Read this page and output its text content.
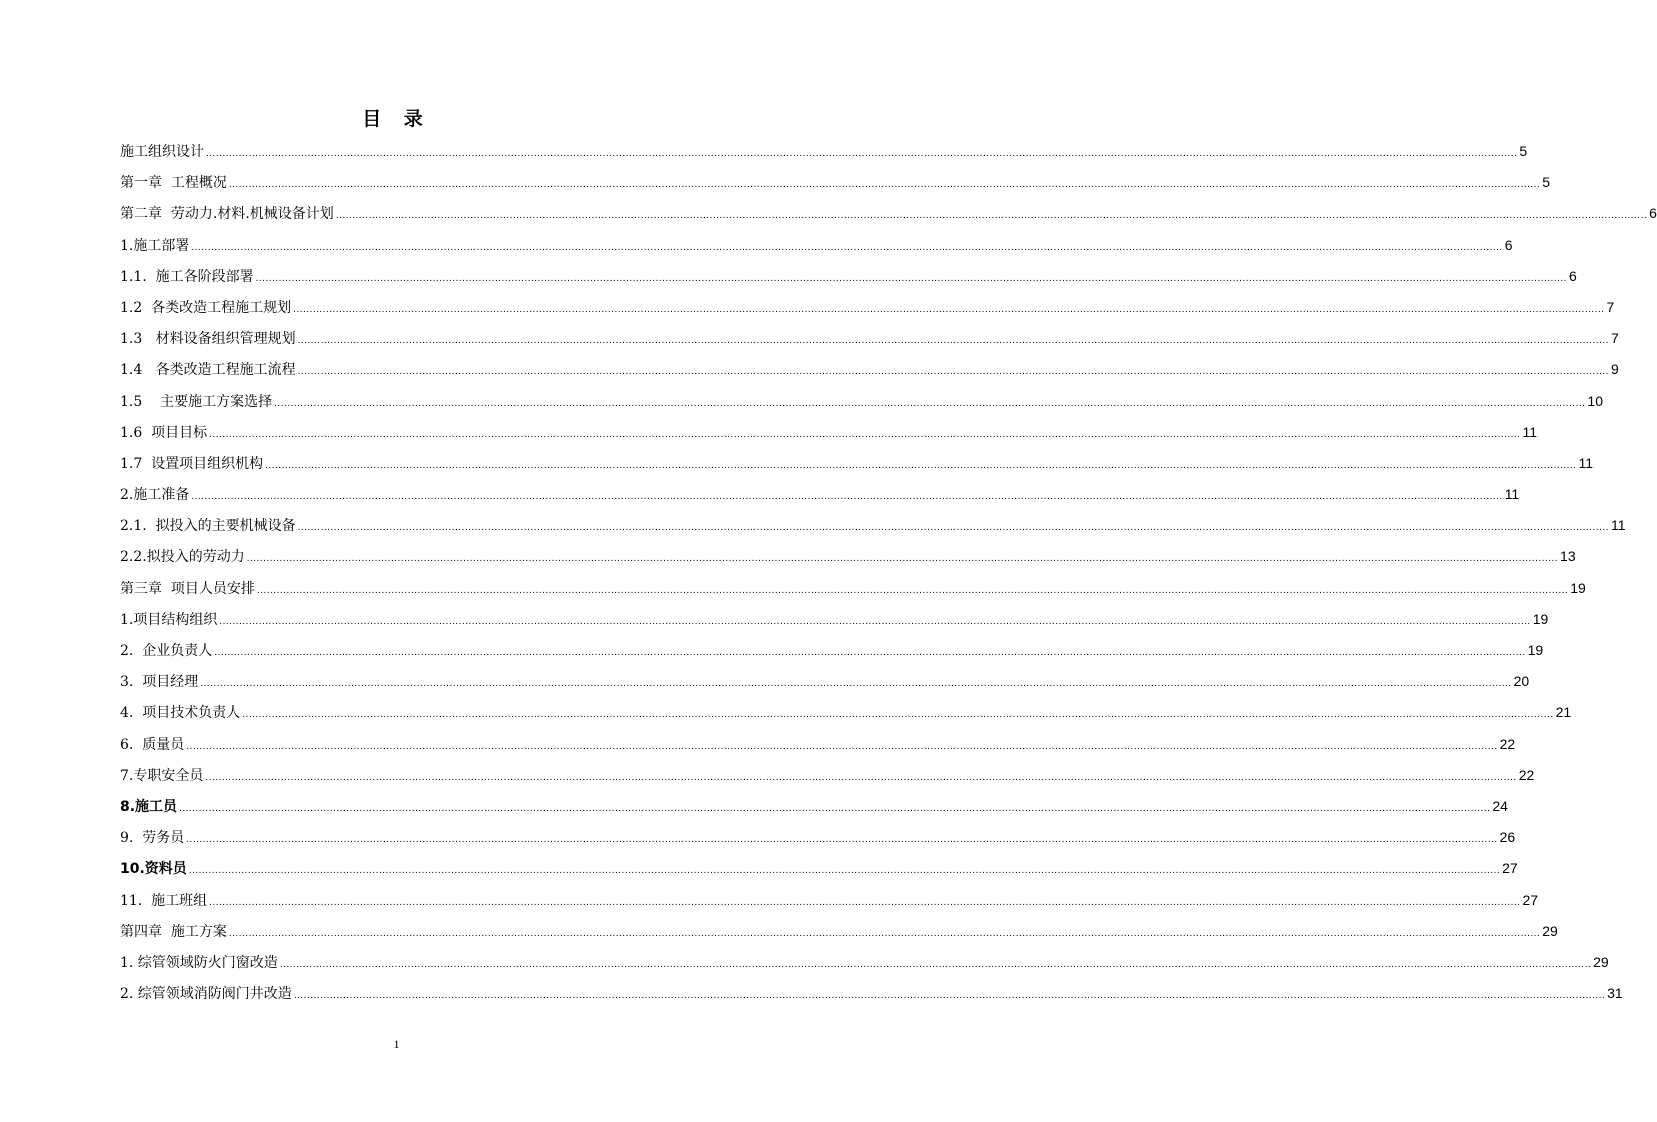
目 录
施工组织设计 ................................................................................................................................................................................................................................................................................................................................................................................................................ 5
第一章  工程概况 ................................................................................................................................................................................................................................................................................................................................................................................................................ 5
第二章  劳动力.材料.机械设备计划 ................................................................................................................................................................................................................................................................................................................................................................................................................ 6
1.施工部署 ................................................................................................................................................................................................................................................................................................................................................................................................................ 6
1.1.  施工各阶段部署 ................................................................................................................................................................................................................................................................................................................................................................................................................ 6
1.2  各类改造工程施工规划 ................................................................................................................................................................................................................................................................................................................................................................................................................ 7
1.3   材料设备组织管理规划 ................................................................................................................................................................................................................................................................................................................................................................................................................ 7
1.4   各类改造工程施工流程 ................................................................................................................................................................................................................................................................................................................................................................................................................ 9
1.5    主要施工方案选择 ................................................................................................................................................................................................................................................................................................................................................................................................................ 10
1.6  项目目标 ................................................................................................................................................................................................................................................................................................................................................................................................................ 11
1.7  设置项目组织机构 ................................................................................................................................................................................................................................................................................................................................................................................................................ 11
2.施工准备 ................................................................................................................................................................................................................................................................................................................................................................................................................ 11
2.1.  拟投入的主要机械设备 ................................................................................................................................................................................................................................................................................................................................................................................................................ 11
2.2.拟投入的劳动力 ................................................................................................................................................................................................................................................................................................................................................................................................................ 13
第三章  项目人员安排 ................................................................................................................................................................................................................................................................................................................................................................................................................ 19
1.项目结构组织 ................................................................................................................................................................................................................................................................................................................................................................................................................ 19
2.  企业负责人 ................................................................................................................................................................................................................................................................................................................................................................................................................ 19
3.  项目经理 ................................................................................................................................................................................................................................................................................................................................................................................................................ 20
4.  项目技术负责人 ................................................................................................................................................................................................................................................................................................................................................................................................................ 21
6.  质量员 ................................................................................................................................................................................................................................................................................................................................................................................................................ 22
7.专职安全员 ................................................................................................................................................................................................................................................................................................................................................................................................................ 22
8.施工员 ................................................................................................................................................................................................................................................................................................................................................................................................................ 24
9.  劳务员 ................................................................................................................................................................................................................................................................................................................................................................................................................ 26
10.资料员 ................................................................................................................................................................................................................................................................................................................................................................................................................ 27
11.  施工班组 ................................................................................................................................................................................................................................................................................................................................................................................................................ 27
第四章  施工方案 ................................................................................................................................................................................................................................................................................................................................................................................................................ 29
1. 综管领域防火门窗改造 ................................................................................................................................................................................................................................................................................................................................................................................................................ 29
2. 综管领域消防阀门井改造 ................................................................................................................................................................................................................................................................................................................................................................................................................ 31
1
